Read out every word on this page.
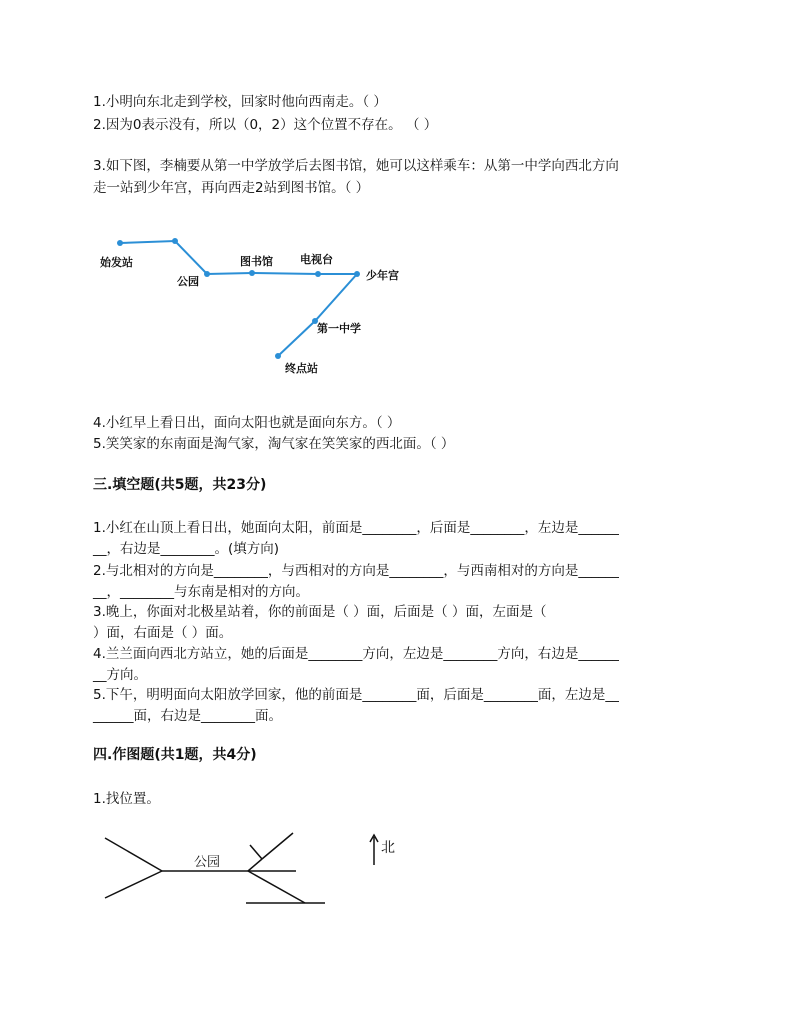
1.小明向东北走到学校，回家时他向西南走。（ ）
2.因为0表示没有，所以（0，2）这个位置不存在。 （ ）
3.如下图，李楠要从第一中学放学后去图书馆，她可以这样乘车：从第一中学向西北方向
走一站到少年宫，再向西走2站到图书馆。（ ）
始发站
公园
图书馆 电视台
少年宫
第一中学
终点站
4.小红早上看日出，面向太阳也就是面向东方。（ ）
5.笑笑家的东南面是淘气家，淘气家在笑笑家的西北面。（ ）
三.填空题(共5题，共23分)
1.小红在山顶上看日出，她面向太阳，前面是________，后面是________，左边是______
__，右边是________。(填方向)
2.与北相对的方向是________，与西相对的方向是________，与西南相对的方向是______
__，________与东南是相对的方向。
3.晚上，你面对北极星站着，你的前面是（ ）面，后面是（ ）面，左面是（
）面，右面是（ ）面。
4.兰兰面向西北方站立，她的后面是________方向，左边是________方向，右边是______
__方向。
5.下午，明明面向太阳放学回家，他的前面是________面，后面是________面，左边是__
______面，右边是________面。
四.作图题(共1题，共4分)
1.找位置。
公园
北
